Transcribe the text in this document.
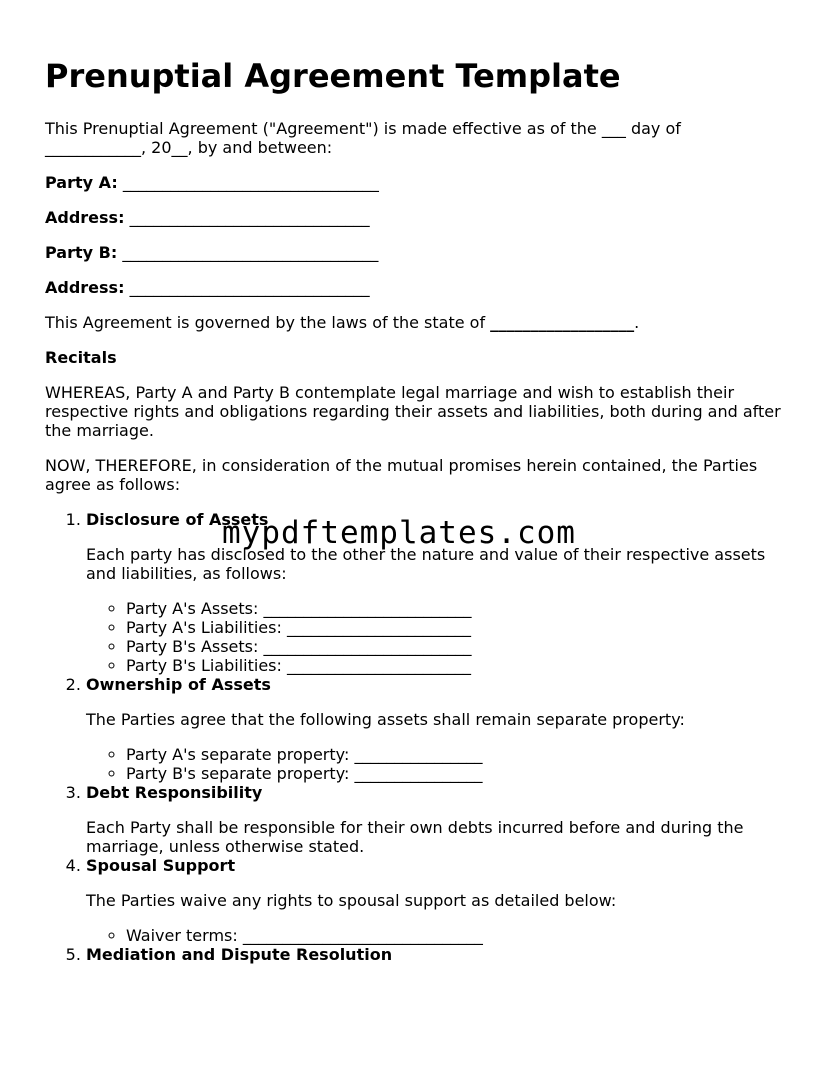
Prenuptial Agreement Template

This Prenuptial Agreement ("Agreement") is made effective as of the ___ day of ____________, 20__, by and between:

Party A: ________________________________

Address: ______________________________

Party B: ________________________________

Address: ______________________________

This Agreement is governed by the laws of the state of __________________.

Recitals

WHEREAS, Party A and Party B contemplate legal marriage and wish to establish their respective rights and obligations regarding their assets and liabilities, both during and after the marriage.

NOW, THEREFORE, in consideration of the mutual promises herein contained, the Parties agree as follows:

1. Disclosure of Assets
Each party has disclosed to the other the nature and value of their respective assets and liabilities, as follows:
◦ Party A's Assets: __________________________
◦ Party A's Liabilities: _______________________
◦ Party B's Assets: __________________________
◦ Party B's Liabilities: _______________________
2. Ownership of Assets
The Parties agree that the following assets shall remain separate property:
◦ Party A's separate property: ________________
◦ Party B's separate property: ________________
3. Debt Responsibility
Each Party shall be responsible for their own debts incurred before and during the marriage, unless otherwise stated.
4. Spousal Support
The Parties waive any rights to spousal support as detailed below:
◦ Waiver terms: ______________________________
5. Mediation and Dispute Resolution
mypdftemplates.com
